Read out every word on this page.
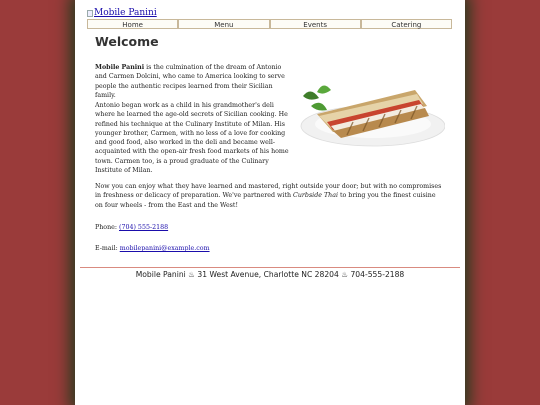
Mobile Panini
Home	Menu	Events	Catering
Welcome

Mobile Panini is the culmination of the dream of Antonio and Carmen Dolcini, who came to America looking to serve people the authentic recipes learned from their Sicilian family.

Antonio began work as a child in his grandmother's deli where he learned the age-old secrets of Sicilian cooking. He refined his technique at the Culinary Institute of Milan. His younger brother, Carmen, with no less of a love for cooking and good food, also worked in the deli and became well-acquainted with the open-air fresh food markets of his home town. Carmen too, is a proud graduate of the Culinary Institute of Milan.

Now you can enjoy what they have learned and mastered, right outside your door; but with no compromises in freshness or delicacy of preparation. We've partnered with Curbside Thai to bring you the finest cuisine on four wheels - from the East and the West!

Phone: (704) 555-2188

E-mail: mobilepanini@example.com

Mobile Panini ♨ 31 West Avenue, Charlotte NC 28204 ♨ 704-555-2188
